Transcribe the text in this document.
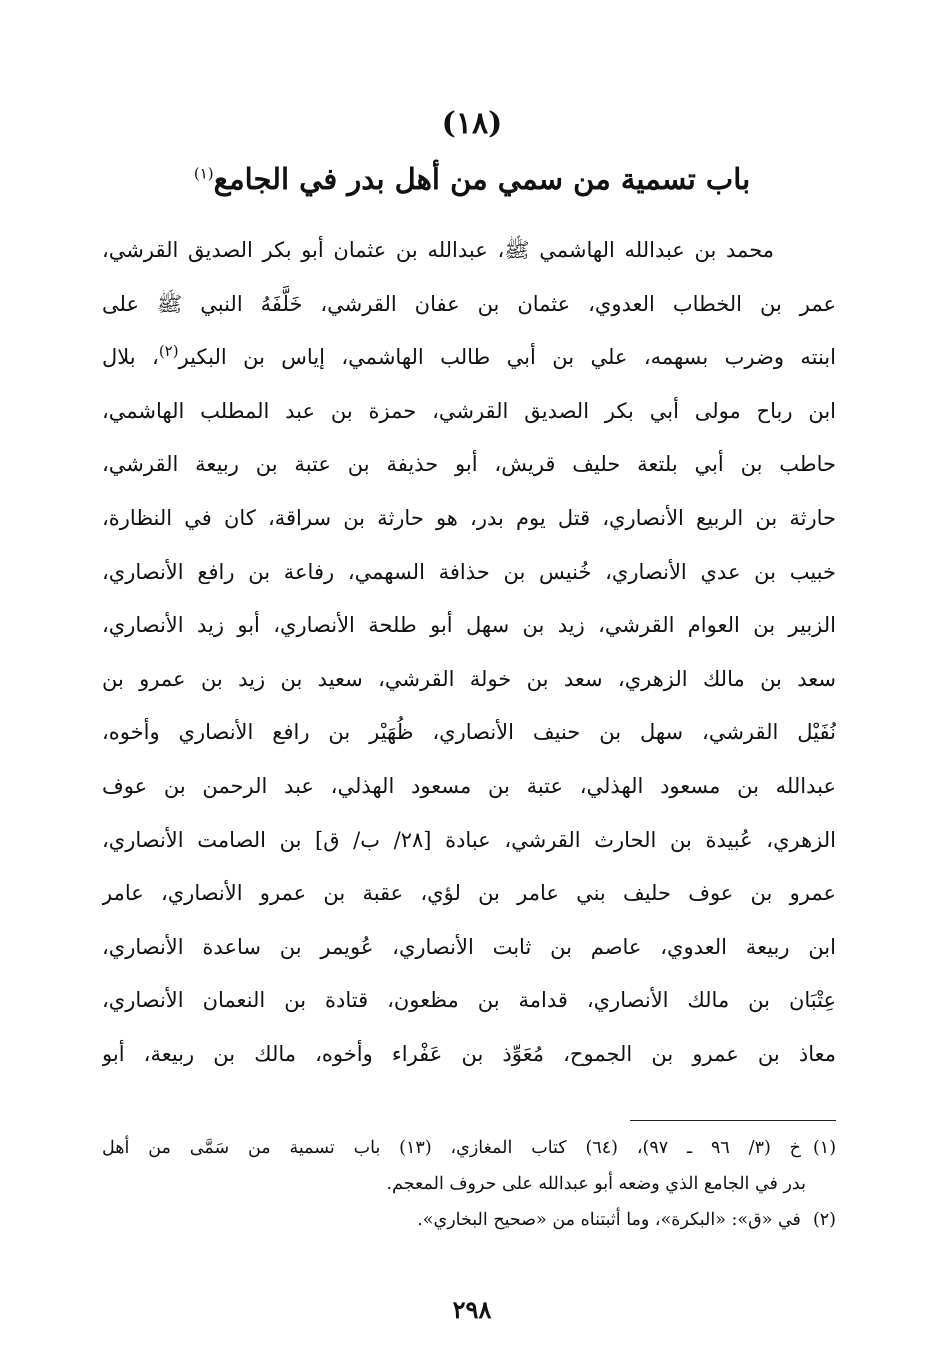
(١٨)
باب تسمية من سمي من أهل بدر في الجامع$^{(١)}$
محمد بن عبدالله الهاشمي ﷺ، عبدالله بن عثمان أبو بكر الصديق القرشي،
عمر بن الخطاب العدوي، عثمان بن عفان القرشي، خَلَّفَهُ النبي ﷺ على
ابنته وضرب بسهمه، علي بن أبي طالب الهاشمي، إياس بن البكير$^{(٢)}$، بلال
ابن رباح مولى أبي بكر الصديق القرشي، حمزة بن عبد المطلب الهاشمي،
حاطب بن أبي بلتعة حليف قريش، أبو حذيفة بن عتبة بن ربيعة القرشي،
حارثة بن الربيع الأنصاري، قتل يوم بدر، هو حارثة بن سراقة، كان في النظارة،
خبيب بن عدي الأنصاري، خُنيس بن حذافة السهمي، رفاعة بن رافع الأنصاري،
الزبير بن العوام القرشي، زيد بن سهل أبو طلحة الأنصاري، أبو زيد الأنصاري،
سعد بن مالك الزهري، سعد بن خولة القرشي، سعيد بن زيد بن عمرو بن
نُفَيْل القرشي، سهل بن حنيف الأنصاري، ظُهَيْر بن رافع الأنصاري وأخوه،
عبدالله بن مسعود الهذلي، عتبة بن مسعود الهذلي، عبد الرحمن بن عوف
الزهري، عُبيدة بن الحارث القرشي، عبادة [٢٨/ ب/ ق] بن الصامت الأنصاري،
عمرو بن عوف حليف بني عامر بن لؤي، عقبة بن عمرو الأنصاري، عامر
ابن ربيعة العدوي، عاصم بن ثابت الأنصاري، عُويمر بن ساعدة الأنصاري،
عِتْبَان بن مالك الأنصاري، قدامة بن مظعون، قتادة بن النعمان الأنصاري،
معاذ بن عمرو بن الجموح، مُعَوِّذ بن عَفْراء وأخوه، مالك بن ربيعة، أبو
(١)خ (٣/ ٩٦ ـ ٩٧)، (٦٤) كتاب المغازي، (١٣) باب تسمية من سَمَّى من أهل
بدر في الجامع الذي وضعه أبو عبدالله على حروف المعجم.
(٢)في «ق»: «البكرة»، وما أثبتناه من «صحيح البخاري».
٢٩٨
